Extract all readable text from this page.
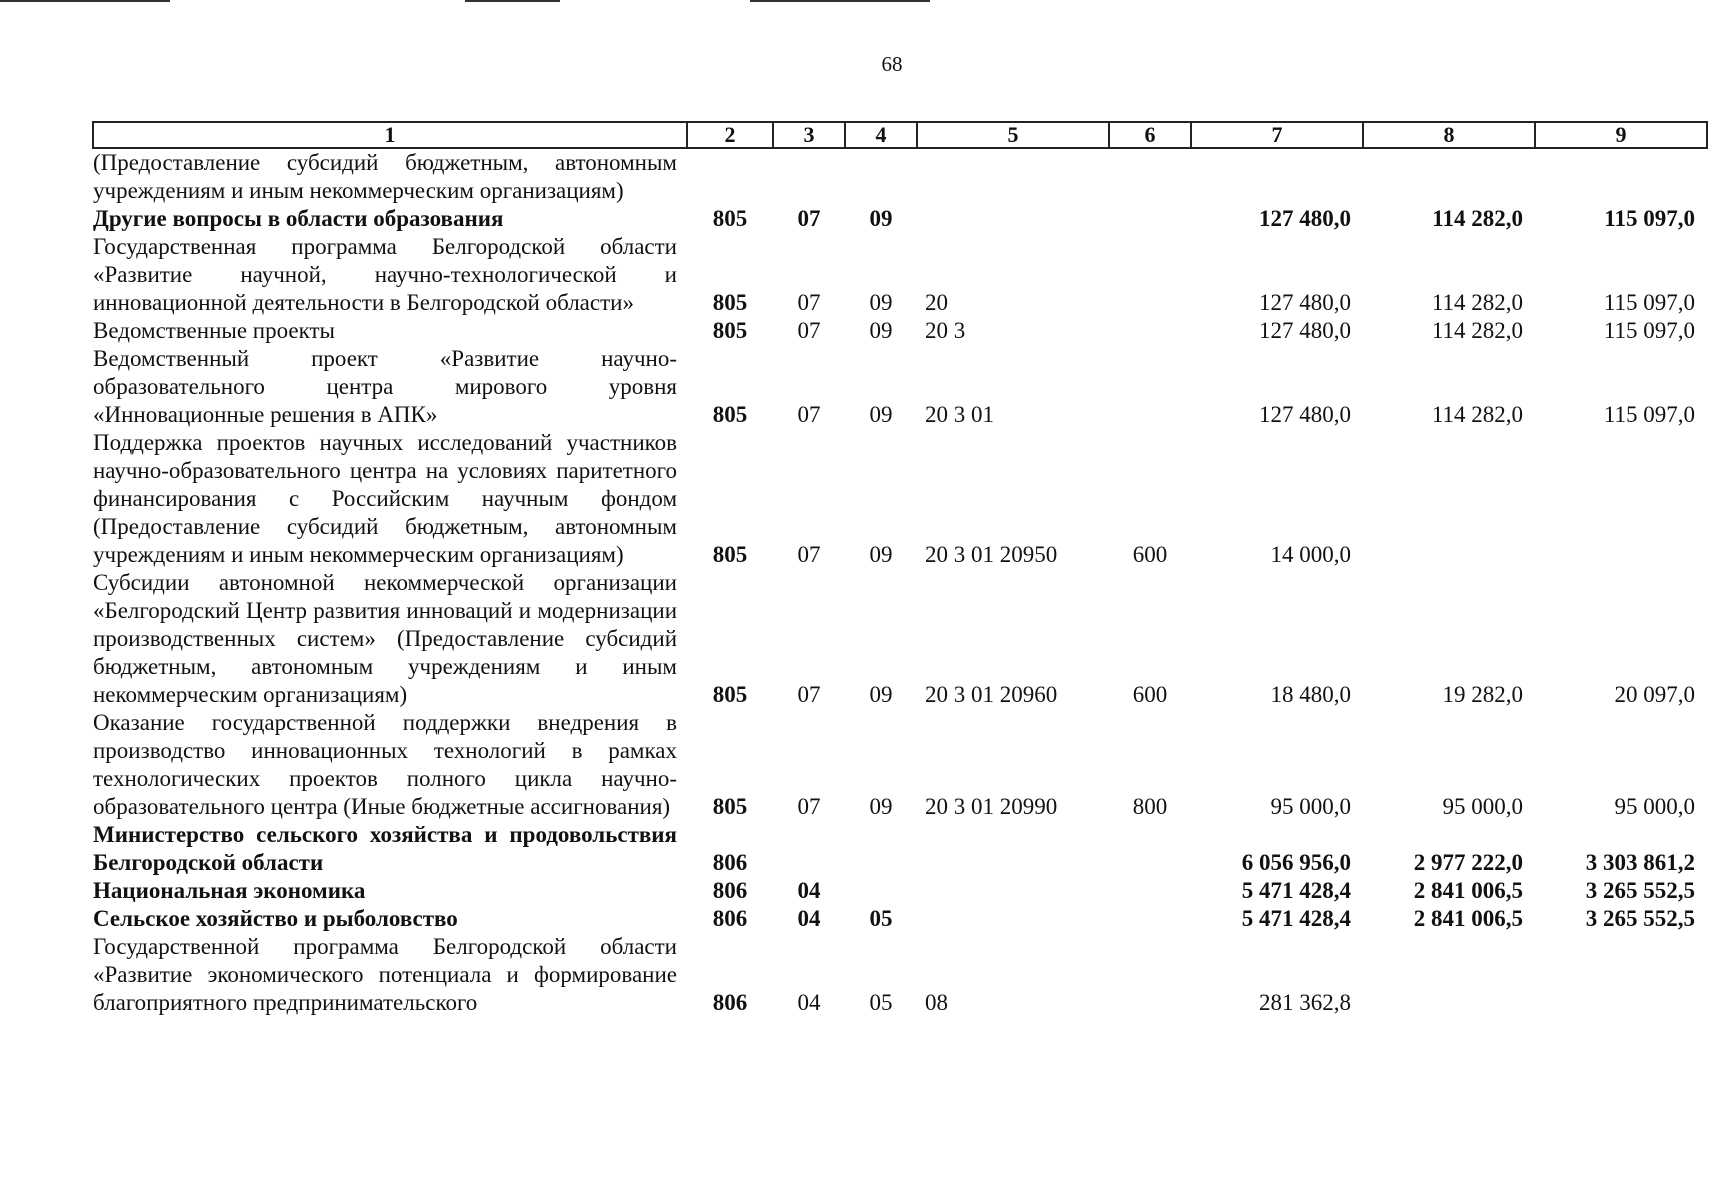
68
1	2	3	4	5	6	7	8	9
(Предоставление субсидий бюджетным, автономным учреждениям и иным некоммерческим организациям)								
Другие вопросы в области образования	805	07	09			127 480,0	114 282,0	115 097,0
Государственная программа Белгородской области «Развитие научной, научно-технологической и инновационной деятельности в Белгородской области»	805	07	09	20		127 480,0	114 282,0	115 097,0
Ведомственные проекты	805	07	09	20 3		127 480,0	114 282,0	115 097,0
Ведомственный проект «Развитие научно-образовательного центра мирового уровня «Инновационные решения в АПК»	805	07	09	20 3 01		127 480,0	114 282,0	115 097,0
Поддержка проектов научных исследований участников научно-образовательного центра на условиях паритетного финансирования с Российским научным фондом (Предоставление субсидий бюджетным, автономным учреждениям и иным некоммерческим организациям)	805	07	09	20 3 01 20950	600	14 000,0		
Субсидии автономной некоммерческой организации «Белгородский Центр развития инноваций и модернизации производственных систем» (Предоставление субсидий бюджетным, автономным учреждениям и иным некоммерческим организациям)	805	07	09	20 3 01 20960	600	18 480,0	19 282,0	20 097,0
Оказание государственной поддержки внедрения в производство инновационных технологий в рамках технологических проектов полного цикла научно-образовательного центра (Иные бюджетные ассигнования)	805	07	09	20 3 01 20990	800	95 000,0	95 000,0	95 000,0
Министерство сельского хозяйства и продовольствия Белгородской области	806					6 056 956,0	2 977 222,0	3 303 861,2
Национальная экономика	806	04				5 471 428,4	2 841 006,5	3 265 552,5
Сельское хозяйство и рыболовство	806	04	05			5 471 428,4	2 841 006,5	3 265 552,5
Государственной программа Белгородской области «Развитие экономического потенциала и формирование благоприятного предпринимательского	806	04	05	08		281 362,8		
